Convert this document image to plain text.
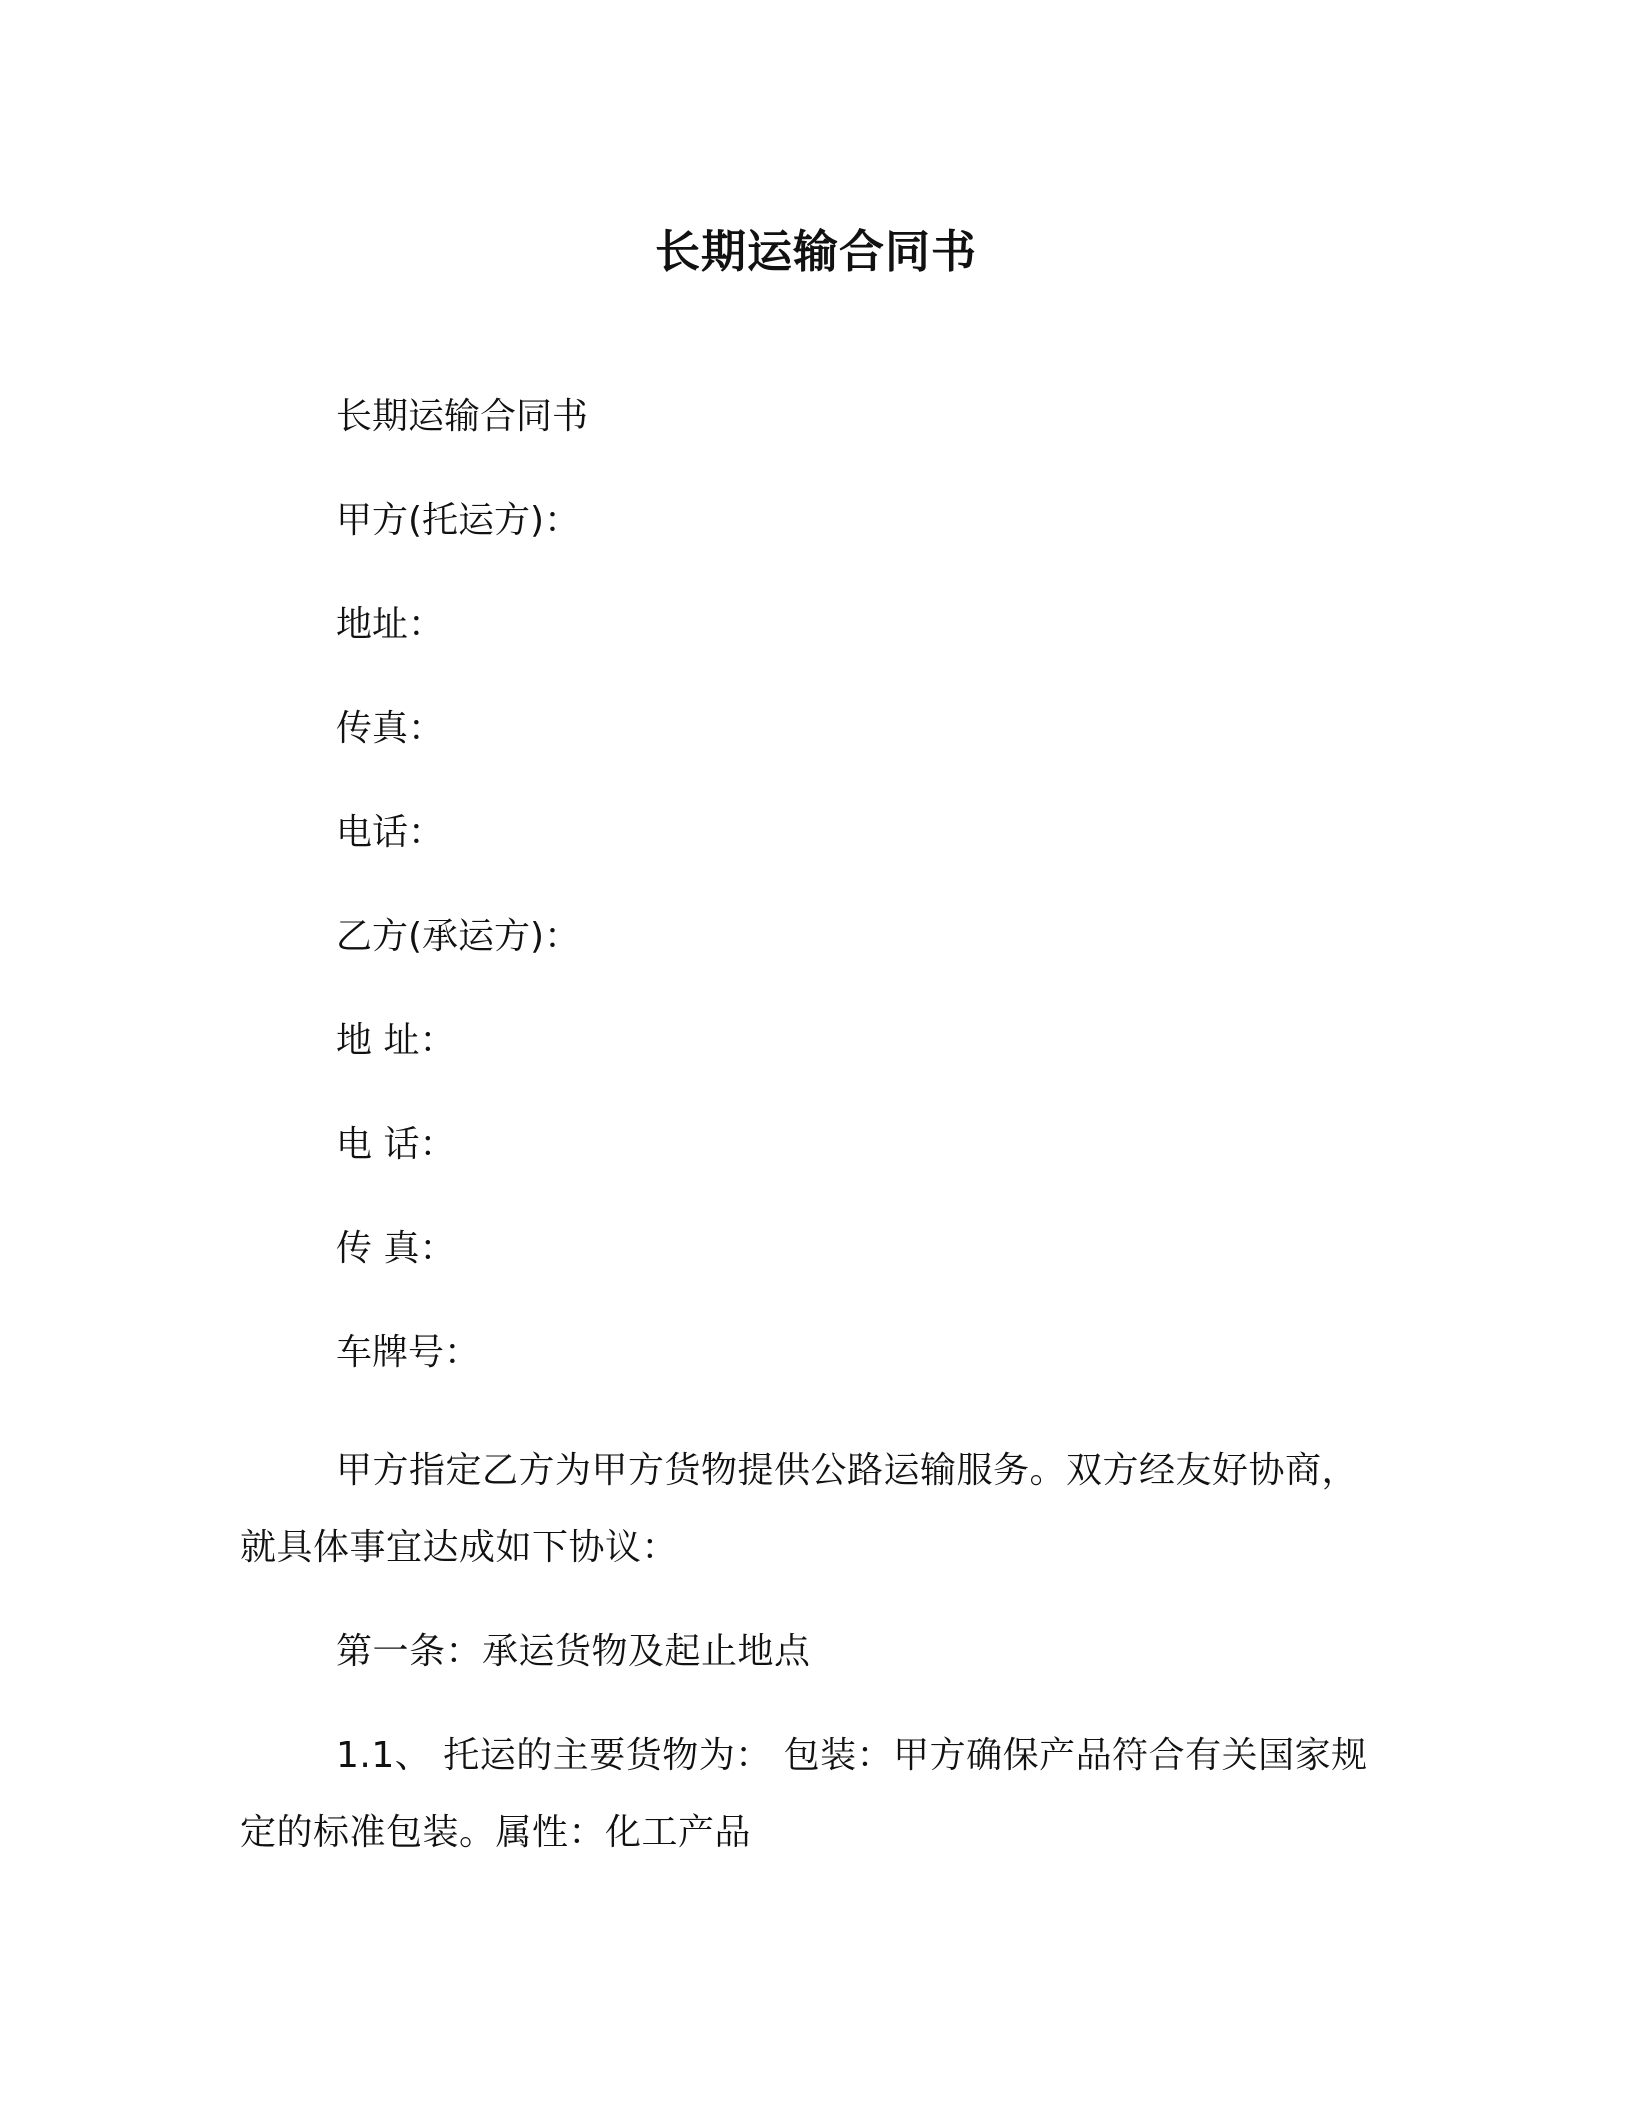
长期运输合同书
长期运输合同书
甲方(托运方)：
地址：
传真：
电话：
乙方(承运方)：
地 址：
电 话：
传 真：
车牌号：

甲方指定乙方为甲方货物提供公路运输服务。双方经友好协商，就具体事宜达成如下协议：

第一条：承运货物及起止地点

1.1、 托运的主要货物为： 包装：甲方确保产品符合有关国家规定的标准包装。属性：化工产品
